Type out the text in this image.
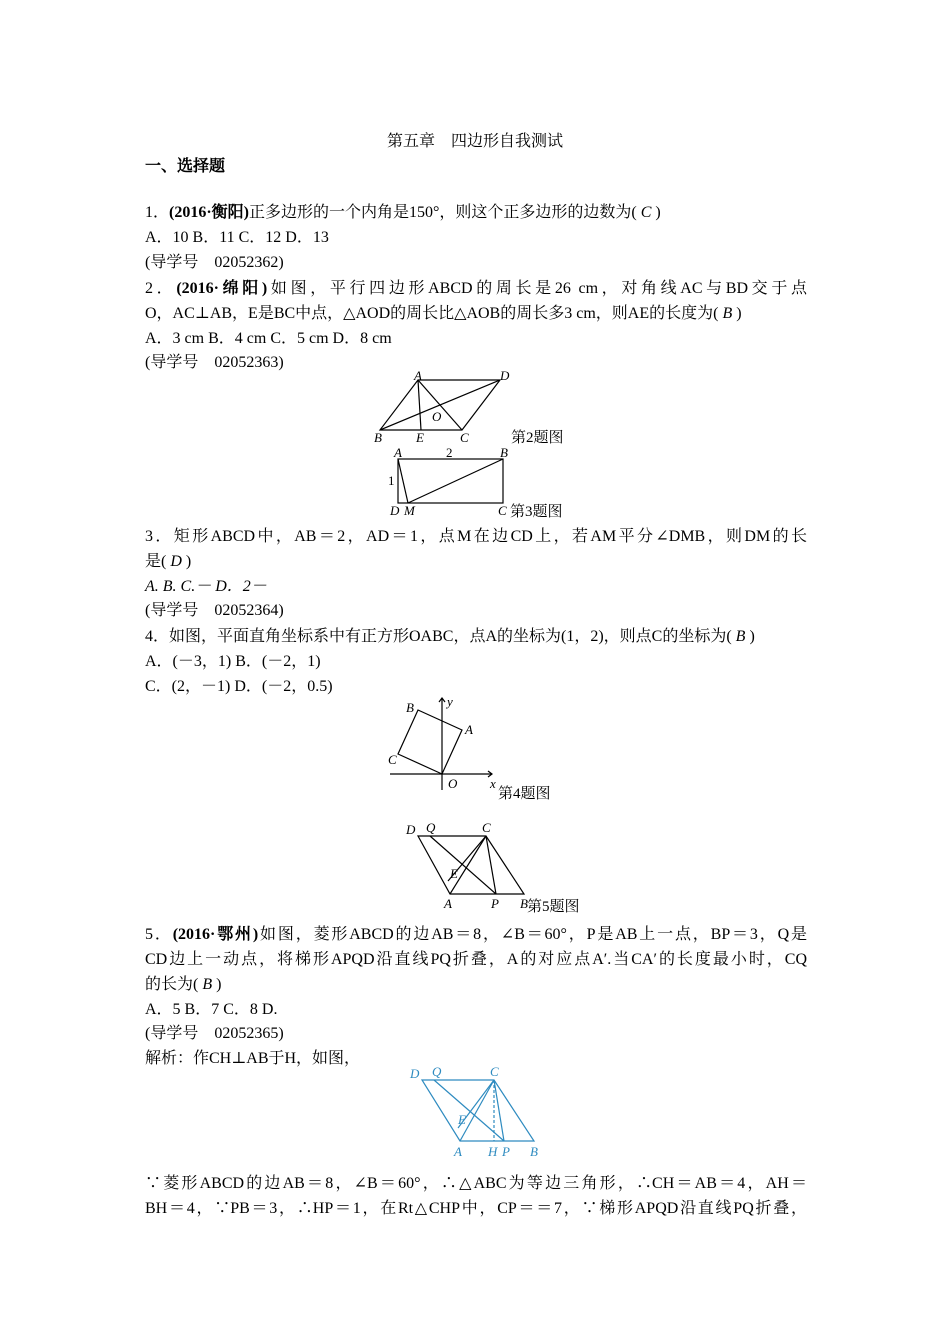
第五章　四边形自我测试
一、选择题
1．(2016·衡阳)正多边形的一个内角是150°，则这个正多边形的边数为( C )
A．10 B．11 C．12 D．13
(导学号　02052362)
2．(2016·绵阳)如图，平行四边形ABCD的周长是26 cm，对角线AC与BD交于点
O，AC⊥AB，E是BC中点，△AOD的周长比△AOB的周长多3 cm，则AE的长度为( B )
A．3 cm B．4 cm C．5 cm D．8 cm
(导学号　02052363)
A	D
O
B	E	C	第2题图
A	2	B
1
D M	C 第3题图
3．矩形ABCD中，AB＝2，AD＝1，点M在边CD上，若AM平分∠DMB，则DM的长
是( D )
A. B. C.－ D．2－
(导学号　02052364)
4．如图，平面直角坐标系中有正方形OABC，点A的坐标为(1，2)，则点C的坐标为( B )
A．(－3，1) B．(－2，1)
C．(2，－1) D．(－2，0.5)
B	y
A
C
O	x
第4题图
D Q	C
E
A	P B 第5题图
5．(2016·鄂州)如图，菱形ABCD的边AB＝8，∠B＝60°，P是AB上一点，BP＝3，Q是
CD边上一动点，将梯形APQD沿直线PQ折叠，A的对应点A′.当CA′的长度最小时，CQ
的长为( B )
A．5 B．7 C．8 D.
(导学号　02052365)
解析：作CH⊥AB于H，如图，
D Q	C
E
A H P B
∵菱形ABCD的边AB＝8，∠B＝60°，∴△ABC为等边三角形，∴CH＝AB＝4，AH＝
BH＝4，∵PB＝3，∴HP＝1，在Rt△CHP中，CP＝＝7，∵梯形APQD沿直线PQ折叠，
